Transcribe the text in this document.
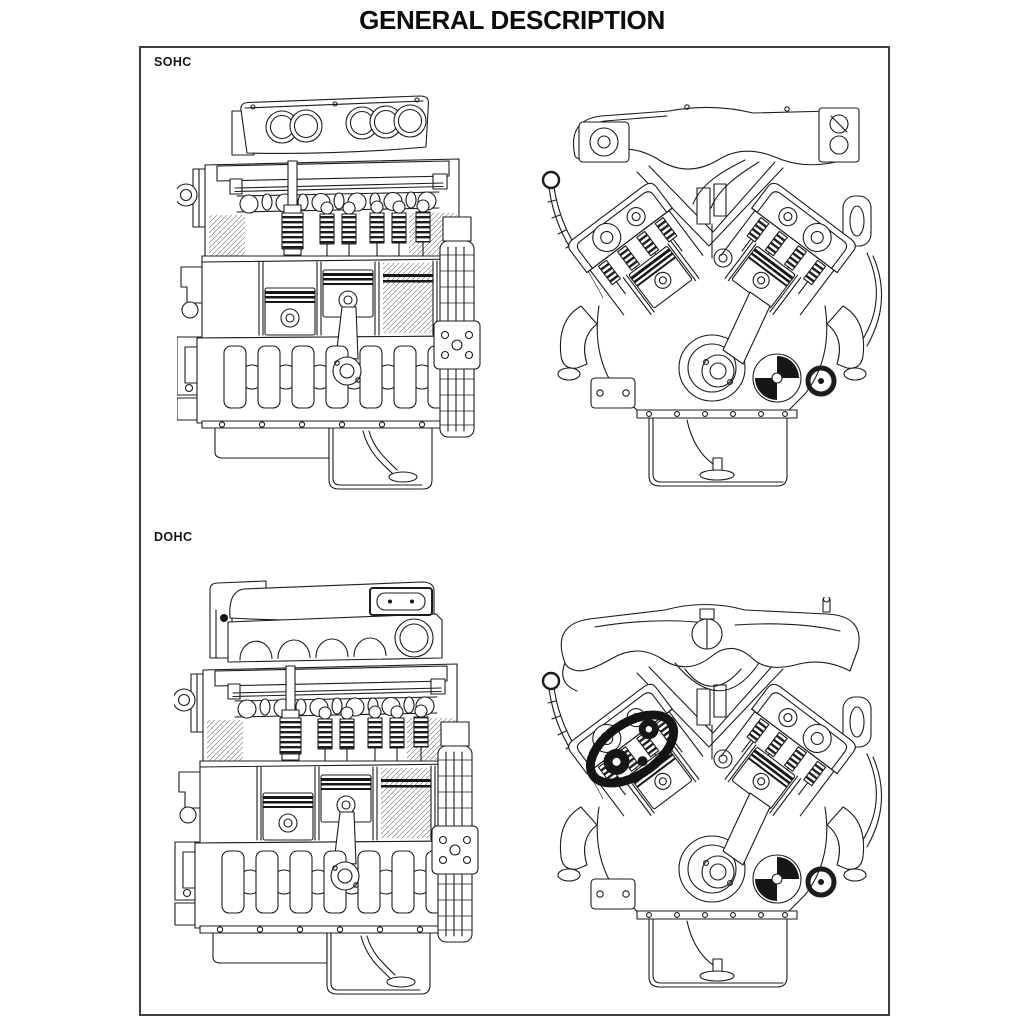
GENERAL DESCRIPTION
SOHC
DOHC
